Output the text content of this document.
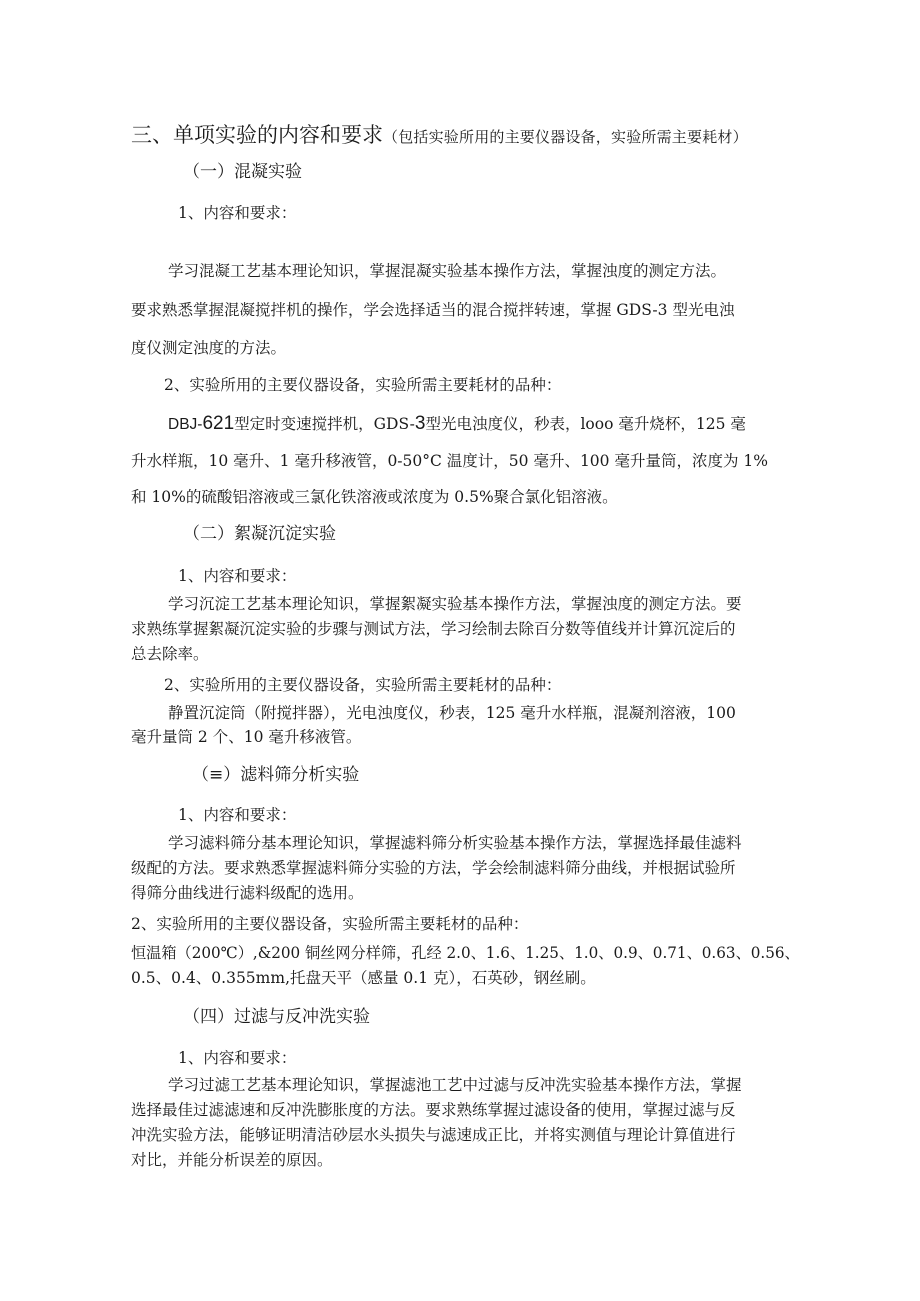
三、单项实验的内容和要求（包括实验所用的主要仪器设备，实验所需主要耗材）
（一）混凝实验
1、内容和要求：
学习混凝工艺基本理论知识，掌握混凝实验基本操作方法，掌握浊度的测定方法。
要求熟悉掌握混凝搅拌机的操作，学会选择适当的混合搅拌转速，掌握 GDS-3 型光电浊
度仪测定浊度的方法。
2、实验所用的主要仪器设备，实验所需主要耗材的品种：
DBJ-621型定时变速搅拌机，GDS-3型光电浊度仪，秒表，looo 毫升烧杯，125 毫
升水样瓶，10 毫升、1 毫升移液管，0-50°C 温度计，50 毫升、100 毫升量筒，浓度为 1%
和 10%的硫酸铝溶液或三氯化铁溶液或浓度为 0.5%聚合氯化铝溶液。
（二）絮凝沉淀实验
1、内容和要求：
学习沉淀工艺基本理论知识，掌握絮凝实验基本操作方法，掌握浊度的测定方法。要
求熟练掌握絮凝沉淀实验的步骤与测试方法，学习绘制去除百分数等值线并计算沉淀后的
总去除率。
2、实验所用的主要仪器设备，实验所需主要耗材的品种：
静置沉淀筒（附搅拌器），光电浊度仪，秒表，125 毫升水样瓶，混凝剂溶液，100
毫升量筒 2 个、10 毫升移液管。
（≡）滤料筛分析实验
1、内容和要求：
学习滤料筛分基本理论知识，掌握滤料筛分析实验基本操作方法，掌握选择最佳滤料
级配的方法。要求熟悉掌握滤料筛分实验的方法，学会绘制滤料筛分曲线，并根据试验所
得筛分曲线进行滤料级配的选用。
2、实验所用的主要仪器设备，实验所需主要耗材的品种：
恒温箱（200℃）,&200 铜丝网分样筛，孔经 2.0、1.6、1.25、1.0、0.9、0.71、0.63、0.56、
0.5、0.4、0.355mm,托盘天平（感量 0.1 克），石英砂，钢丝刷。
（四）过滤与反冲洗实验
1、内容和要求：
学习过滤工艺基本理论知识，掌握滤池工艺中过滤与反冲洗实验基本操作方法，掌握
选择最佳过滤滤速和反冲洗膨胀度的方法。要求熟练掌握过滤设备的使用，掌握过滤与反
冲洗实验方法，能够证明清洁砂层水头损失与滤速成正比，并将实测值与理论计算值进行
对比，并能分析误差的原因。
